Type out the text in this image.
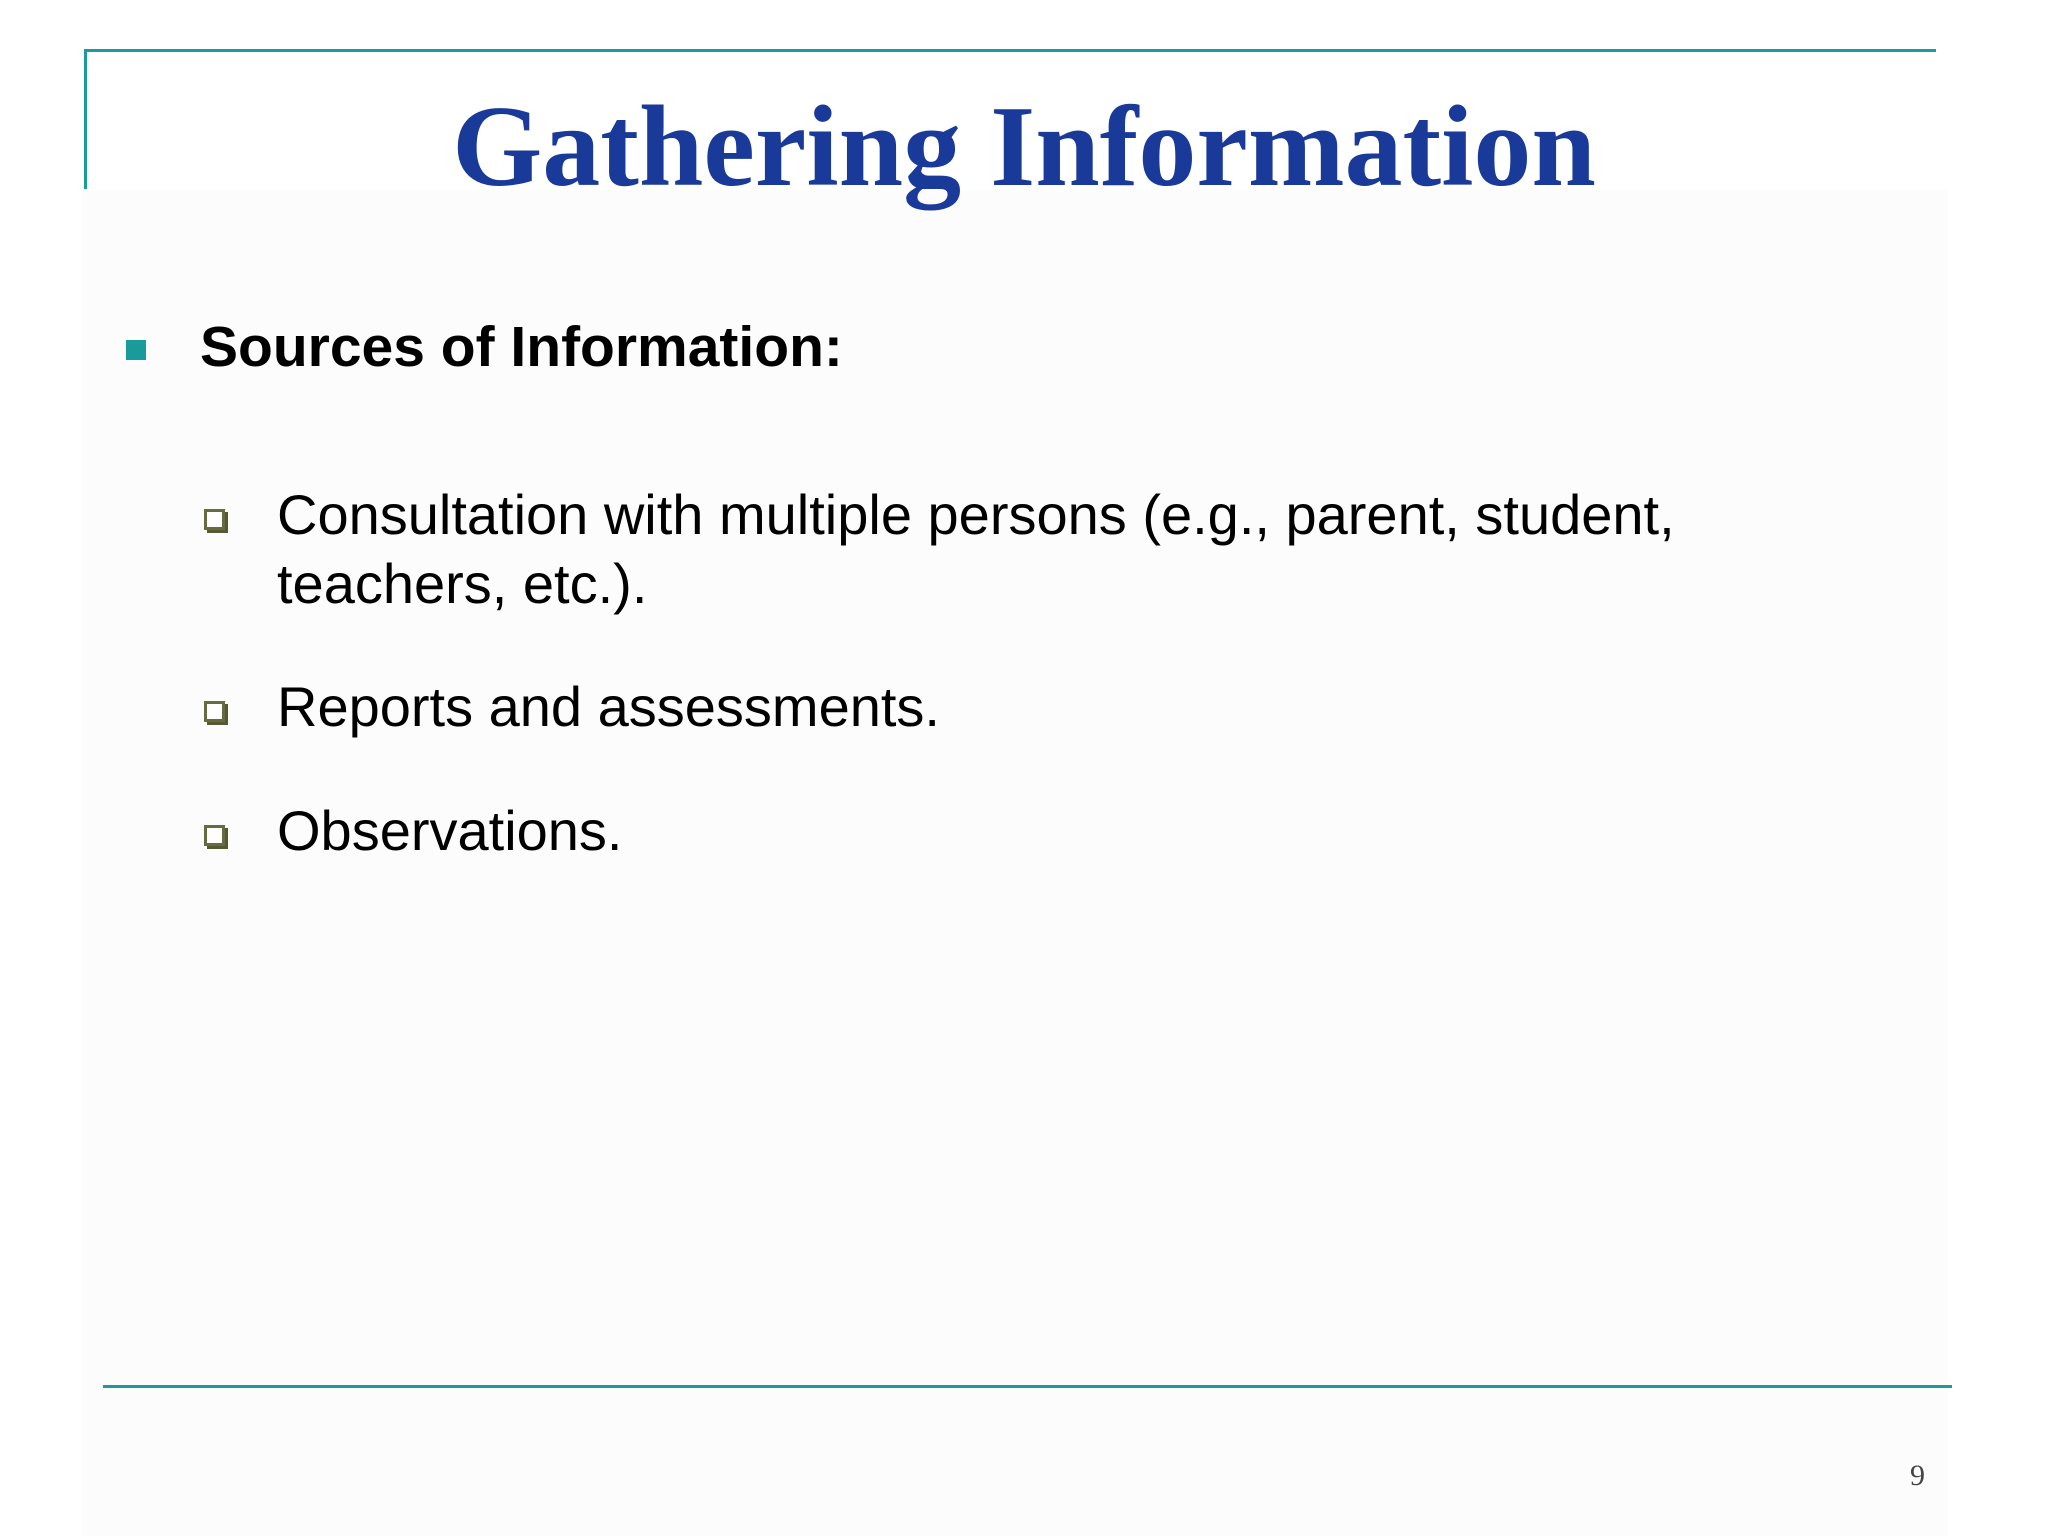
Gathering Information
Sources of Information:
Consultation with multiple persons (e.g., parent, student, teachers, etc.).
Reports and assessments.
Observations.
9
